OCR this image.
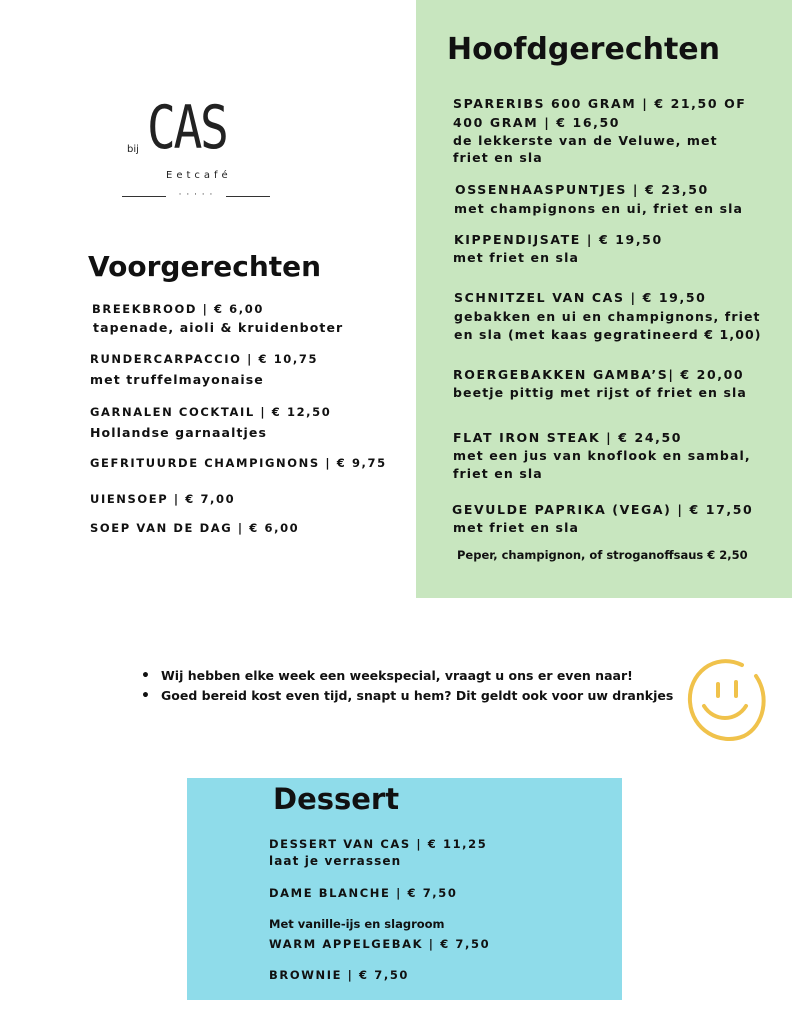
bij CAS
Eetcafé
· · · · ·
Voorgerechten
BREEKBROOD | € 6,00
tapenade, aioli & kruidenboter
RUNDERCARPACCIO | € 10,75
met truffelmayonaise
GARNALEN COCKTAIL | € 12,50
Hollandse garnaaltjes
GEFRITUURDE CHAMPIGNONS | € 9,75
UIENSOEP | € 7,00
SOEP VAN DE DAG | € 6,00
Hoofdgerechten
SPARERIBS 600 GRAM | € 21,50 OF
400 GRAM | € 16,50
de lekkerste van de Veluwe, met
friet en sla
OSSENHAASPUNTJES | € 23,50
met champignons en ui, friet en sla
KIPPENDIJSATE | € 19,50
met friet en sla
SCHNITZEL VAN CAS | € 19,50
gebakken en ui en champignons, friet
en sla (met kaas gegratineerd € 1,00)
ROERGEBAKKEN GAMBA’S| € 20,00
beetje pittig met rijst of friet en sla
FLAT IRON STEAK | € 24,50
met een jus van knoflook en sambal,
friet en sla
GEVULDE PAPRIKA (VEGA) | € 17,50
met friet en sla
Peper, champignon, of stroganoffsaus € 2,50
• Wij hebben elke week een weekspecial, vraagt u ons er even naar!
• Goed bereid kost even tijd, snapt u hem? Dit geldt ook voor uw drankjes
Dessert
DESSERT VAN CAS | € 11,25
laat je verrassen
DAME BLANCHE | € 7,50
Met vanille-ijs en slagroom
WARM APPELGEBAK | € 7,50
BROWNIE | € 7,50
